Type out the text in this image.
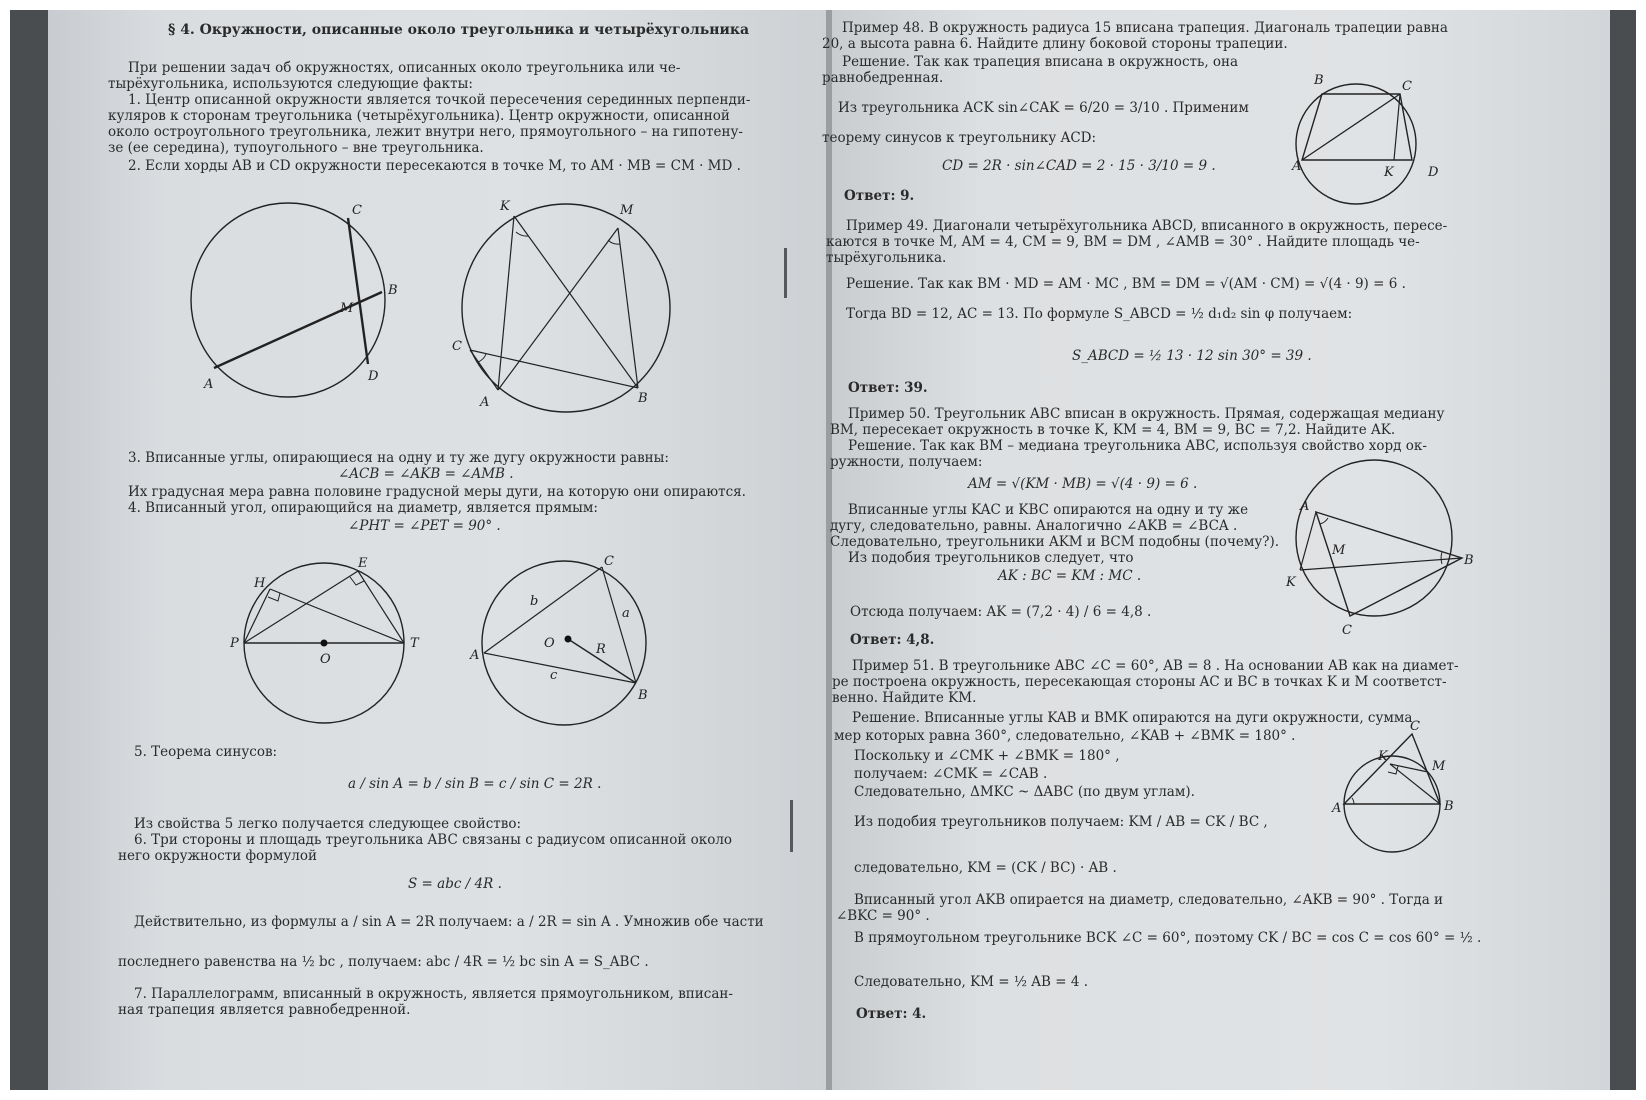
§ 4. Окружности, описанные около треугольника и четырёхугольника
При решении задач об окружностях, описанных около треугольника или че-
тырёхугольника, используются следующие факты:
1. Центр описанной окружности является точкой пересечения серединных перпенди-
куляров к сторонам треугольника (четырёхугольника). Центр окружности, описанной
около остроугольного треугольника, лежит внутри него, прямоугольного – на гипотену-
зе (ее середина), тупоугольного – вне треугольника.
2. Если хорды AB и CD окружности пересекаются в точке M, то AM · MB = CM · MD .
C
B
M
D
A
K	M
C
A	B
3. Вписанные углы, опирающиеся на одну и ту же дугу окружности равны:
∠ACB = ∠AKB = ∠AMB .
Их градусная мера равна половине градусной меры дуги, на которую они опираются.
4. Вписанный угол, опирающийся на диаметр, является прямым:
∠PHT = ∠PET = 90° .
H
E
P	T
O
C
A
B
O	R
a
b
c
5. Теорема синусов:
a / sin A = b / sin B = c / sin C = 2R .
Из свойства 5 легко получается следующее свойство:
6. Три стороны и площадь треугольника ABC связаны с радиусом описанной около
него окружности формулой
S = abc / 4R .
Действительно, из формулы a / sin A = 2R получаем: a / 2R = sin A . Умножив обе части
последнего равенства на ½ bc , получаем: abc / 4R = ½ bc sin A = S_ABC .
7. Параллелограмм, вписанный в окружность, является прямоугольником, вписан-
ная трапеция является равнобедренной.
Пример 48. В окружность радиуса 15 вписана трапеция. Диагональ трапеции равна
20, а высота равна 6. Найдите длину боковой стороны трапеции.
Решение. Так как трапеция вписана в окружность, она
равнобедренная.
Из треугольника ACK sin∠CAK = 6/20 = 3/10 . Применим
теорему синусов к треугольнику ACD:
CD = 2R · sin∠CAD = 2 · 15 · 3/10 = 9 .
Ответ: 9.
B	C
A	K	D
Пример 49. Диагонали четырёхугольника ABCD, вписанного в окружность, пересе-
каются в точке M, AM = 4, CM = 9, BM = DM , ∠AMB = 30° . Найдите площадь че-
тырёхугольника.
Решение. Так как BM · MD = AM · MC , BM = DM = √(AM · CM) = √(4 · 9) = 6 .
Тогда BD = 12, AC = 13. По формуле S_ABCD = ½ d₁d₂ sin φ получаем:
S_ABCD = ½ 13 · 12 sin 30° = 39 .
Ответ: 39.
Пример 50. Треугольник ABC вписан в окружность. Прямая, содержащая медиану
BM, пересекает окружность в точке K, KM = 4, BM = 9, BC = 7,2. Найдите AK.
Решение. Так как BM – медиана треугольника ABC, используя свойство хорд ок-
ружности, получаем:
AM = √(KM · MB) = √(4 · 9) = 6 .
Вписанные углы KAC и KBC опираются на одну и ту же
дугу, следовательно, равны. Аналогично ∠AKB = ∠BCA .
Следовательно, треугольники AKM и BCM подобны (почему?).
Из подобия треугольников следует, что
AK : BC = KM : MC .
Отсюда получаем: AK = (7,2 · 4) / 6 = 4,8 .
Ответ: 4,8.
A
M
B
K
C
Пример 51. В треугольнике ABC ∠C = 60°, AB = 8 . На основании AB как на диамет-
ре построена окружность, пересекающая стороны AC и BC в точках K и M соответст-
венно. Найдите KM.
Решение. Вписанные углы KAB и BMK опираются на дуги окружности, сумма
мер которых равна 360°, следовательно, ∠KAB + ∠BMK = 180° .
Поскольку и ∠CMK + ∠BMK = 180° ,
получаем: ∠CMK = ∠CAB .
Следовательно, ΔMKC ~ ΔABC (по двум углам).
Из подобия треугольников получаем: KM / AB = CK / BC ,
следовательно, KM = (CK / BC) · AB .
Вписанный угол AKB опирается на диаметр, следовательно, ∠AKB = 90° . Тогда и
∠BKC = 90° .
В прямоугольном треугольнике BCK ∠C = 60°, поэтому CK / BC = cos C = cos 60° = ½ .
Следовательно, KM = ½ AB = 4 .
Ответ: 4.
C
K
M
A	B
